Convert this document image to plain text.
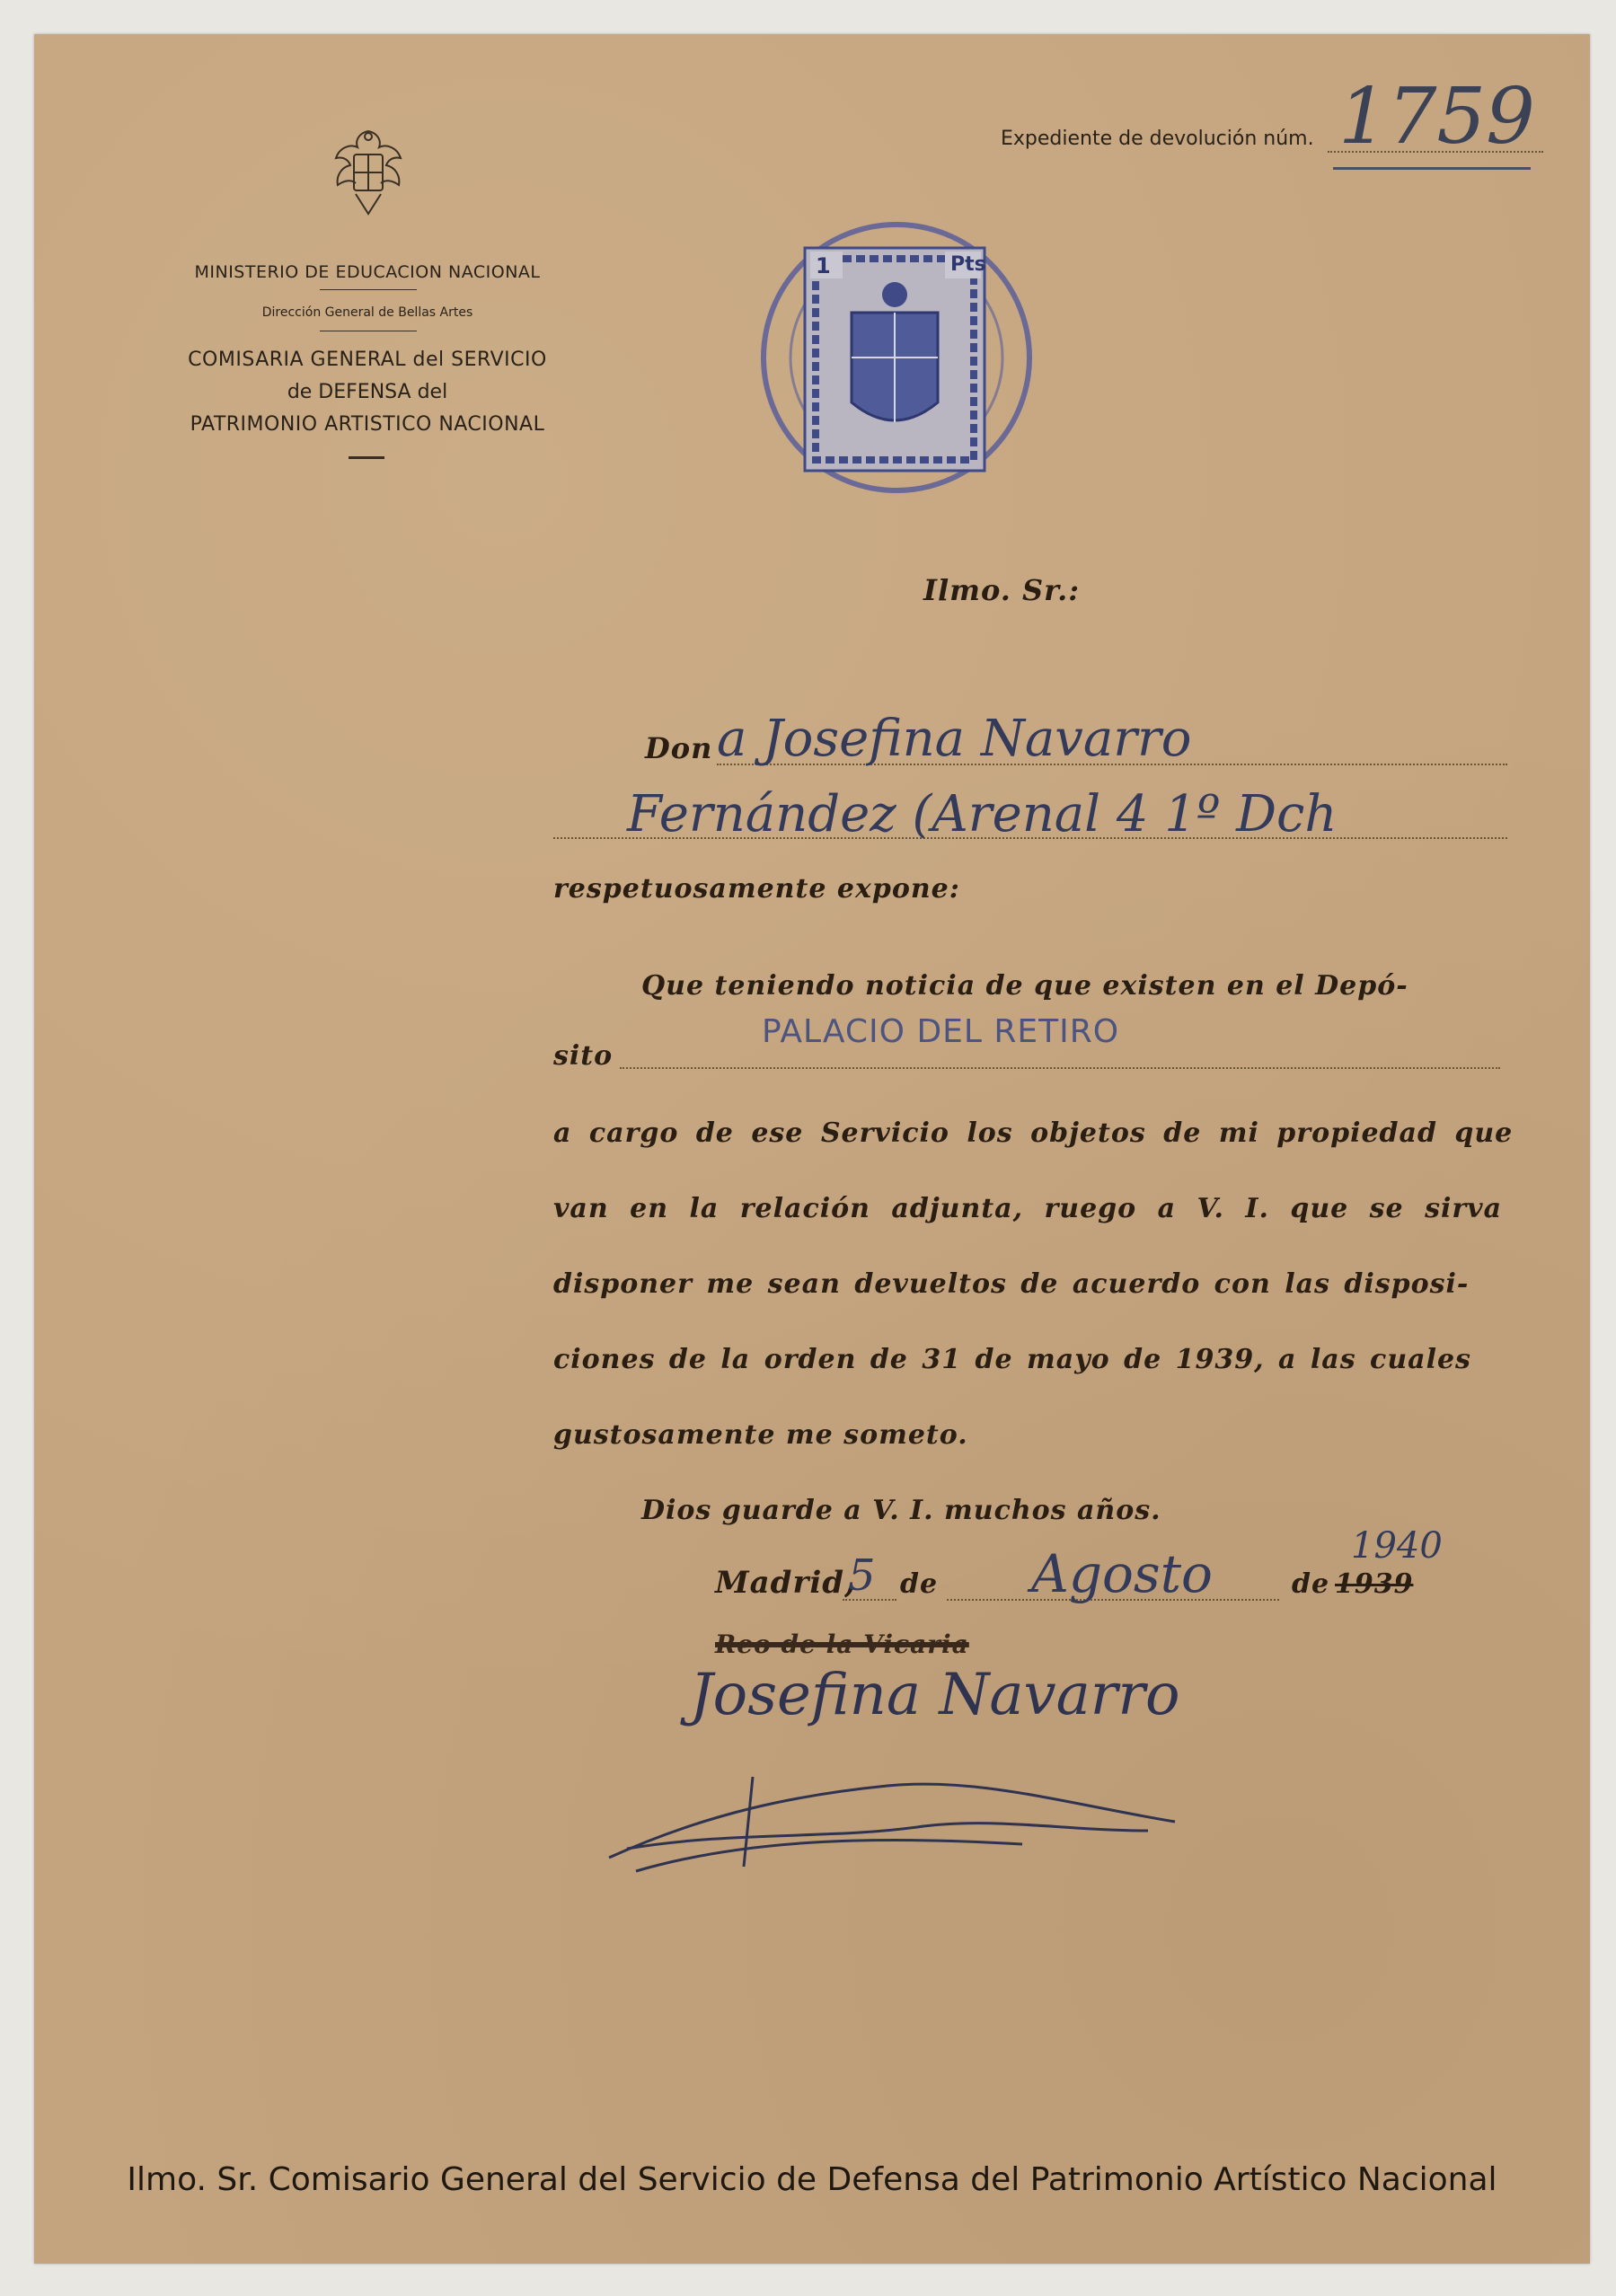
MINISTERIO DE EDUCACION NACIONAL
Dirección General de Bellas Artes
COMISARIA GENERAL del SERVICIO
de DEFENSA del
PATRIMONIO ARTISTICO NACIONAL
Expediente de devolución núm. 1759
1	Pts
Ilmo. Sr.:
Don a Josefina Navarro
Fernández (Arenal 4 1º Dch
respetuosamente expone:
Que teniendo noticia de que existen en el Depó-
sito
PALACIO DEL RETIRO
a cargo de ese Servicio los objetos de mi propiedad que
van en la relación adjunta, ruego a V. I. que se sirva
disponer me sean devueltos de acuerdo con las disposi-
ciones de la orden de 31 de mayo de 1939, a las cuales
gustosamente me someto.
Dios guarde a V. I. muchos años.
Madrid,
5 de Agosto	de 1939
1940
Reo de la Vicaria
Josefina Navarro
Ilmo. Sr. Comisario General del Servicio de Defensa del Patrimonio Artístico Nacional
